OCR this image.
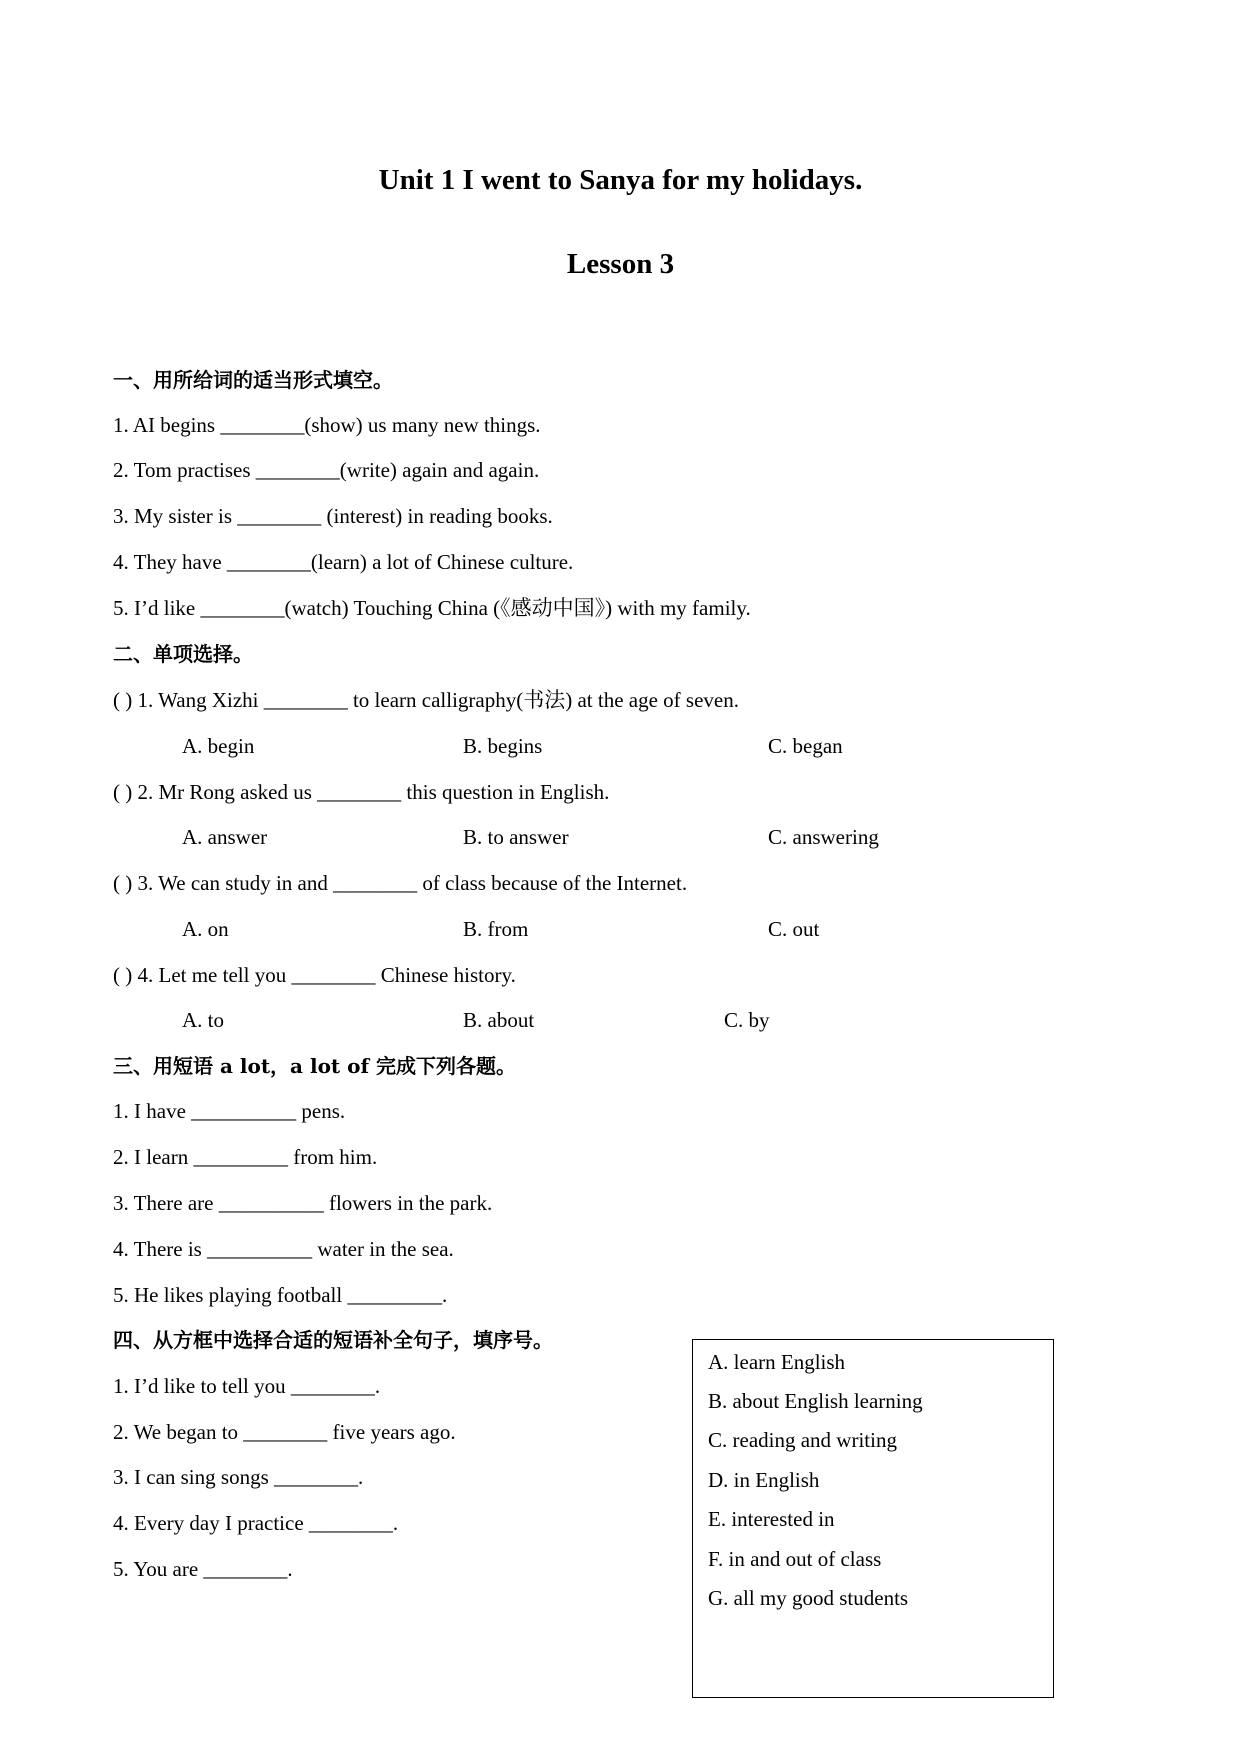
Unit 1 I went to Sanya for my holidays.
Lesson 3
一、用所给词的适当形式填空。
1. AI begins ________(show) us many new things.
2. Tom practises ________(write) again and again.
3. My sister is ________ (interest) in reading books.
4. They have ________(learn) a lot of Chinese culture.
5. I’d like ________(watch) Touching China (《感动中国》) with my family.
二、单项选择。
( ) 1. Wang Xizhi ________ to learn calligraphy(书法) at the age of seven.
A. begin	B. begins	C. began
( ) 2. Mr Rong asked us ________ this question in English.
A. answer	B. to answer	C. answering
( ) 3. We can study in and ________ of class because of the Internet.
A. on	B. from	C. out
( ) 4. Let me tell you ________ Chinese history.
A. to	B. about	C. by
三、用短语 a lot，a lot of 完成下列各题。
1. I have __________ pens.
2. I learn _________ from him.
3. There are __________ flowers in the park.
4. There is __________ water in the sea.
5. He likes playing football _________.
四、从方框中选择合适的短语补全句子，填序号。
1. I’d like to tell you ________.
2. We began to ________ five years ago.
3. I can sing songs ________.
4. Every day I practice ________.
5. You are ________.
A. learn English
B. about English learning
C. reading and writing
D. in English
E. interested in
F. in and out of class
G. all my good students
